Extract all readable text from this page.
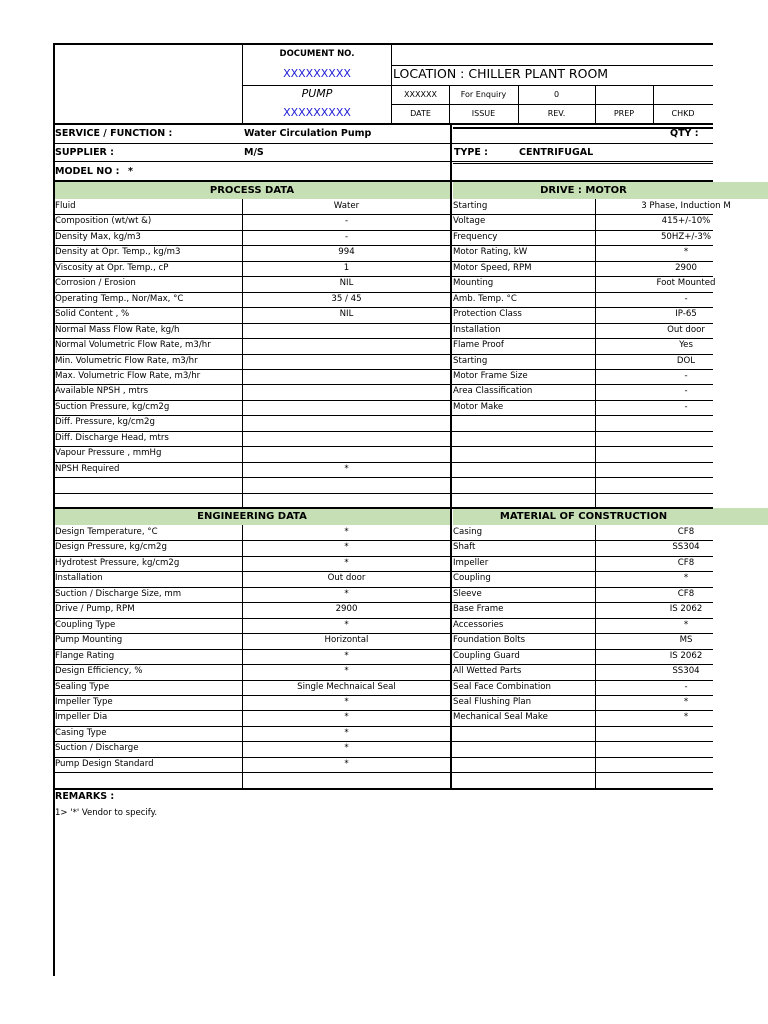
DOCUMENT NO.
XXXXXXXXX	LOCATION : CHILLER PLANT ROOM
PUMP
XXXXXXXXX
XXXXXX	For Enquiry	0
DATE	ISSUE	REV.	PREP	CHKD
SERVICE / FUNCTION :	Water Circulation Pump	QTY :
SUPPLIER :	M/S	TYPE :	CENTRIFUGAL
MODEL NO : *
PROCESS DATA	DRIVE : MOTOR
ENGINEERING DATA	MATERIAL OF CONSTRUCTION
Fluid	Water
Composition (wt/wt &)	-
Density Max, kg/m3	-
Density at Opr. Temp., kg/m3	994
Viscosity at Opr. Temp., cP	1
Corrosion / Erosion	NIL
Operating Temp., Nor/Max, °C	35 / 45
Solid Content , %	NIL
Normal Mass Flow Rate, kg/h
Normal Volumetric Flow Rate, m3/hr
Min. Volumetric Flow Rate, m3/hr
Max. Volumetric Flow Rate, m3/hr
Available NPSH , mtrs
Suction Pressure, kg/cm2g
Diff. Pressure, kg/cm2g
Diff. Discharge Head, mtrs
Vapour Pressure , mmHg
NPSH Required	*
Starting	3 Phase, Induction M
Voltage	415+/-10%
Frequency	50HZ+/-3%
Motor Rating, kW	*
Motor Speed, RPM	2900
Mounting	Foot Mounted
Amb. Temp. °C	-
Protection Class	IP-65
Installation	Out door
Flame Proof	Yes
Starting	DOL
Motor Frame Size	-
Area Classification	-
Motor Make	-
Design Temperature, °C	*
Design Pressure, kg/cm2g	*
Hydrotest Pressure, kg/cm2g	*
Installation	Out door
Suction / Discharge Size, mm	*
Drive / Pump, RPM	2900
Coupling Type	*
Pump Mounting	Horizontal
Flange Rating	*
Design Efficiency, %	*
Sealing Type	Single Mechnaical Seal
Impeller Type	*
Impeller Dia	*
Casing Type	*
Suction / Discharge	*
Pump Design Standard	*
Casing	CF8
Shaft	SS304
Impeller	CF8
Coupling	*
Sleeve	CF8
Base Frame	IS 2062
Accessories	*
Foundation Bolts	MS
Coupling Guard	IS 2062
All Wetted Parts	SS304
Seal Face Combination	-
Seal Flushing Plan	*
Mechanical Seal Make	*
REMARKS :
1> '*' Vendor to specify.
